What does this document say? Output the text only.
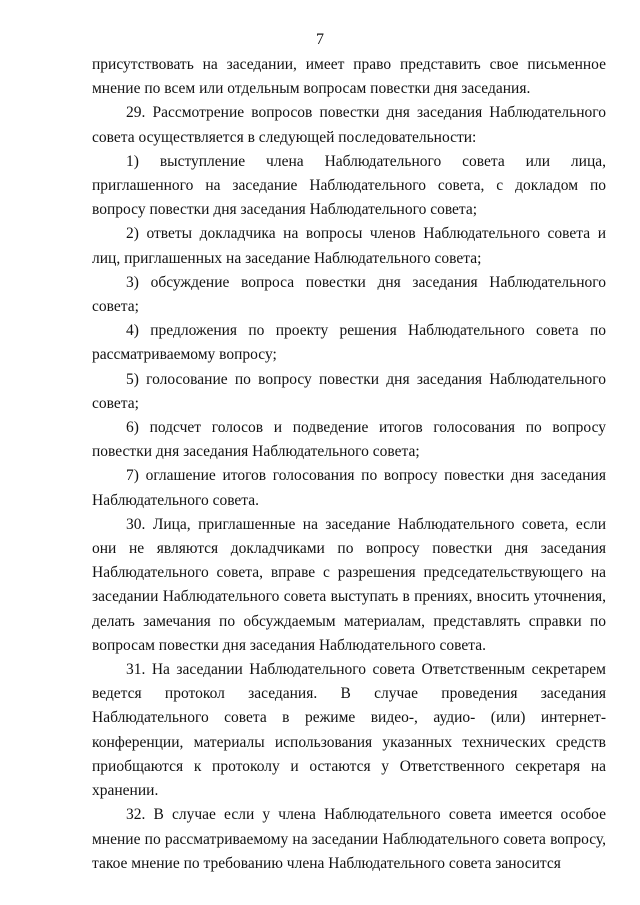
7

присутствовать на заседании, имеет право представить свое письменное мнение по всем или отдельным вопросам повестки дня заседания.

29. Рассмотрение вопросов повестки дня заседания Наблюдательного совета осуществляется в следующей последовательности:

1) выступление члена Наблюдательного совета или лица, приглашенного на заседание Наблюдательного совета, с докладом по вопросу повестки дня заседания Наблюдательного совета;

2) ответы докладчика на вопросы членов Наблюдательного совета и лиц, приглашенных на заседание Наблюдательного совета;

3) обсуждение вопроса повестки дня заседания Наблюдательного совета;

4) предложения по проекту решения Наблюдательного совета по рассматриваемому вопросу;

5) голосование по вопросу повестки дня заседания Наблюдательного совета;

6) подсчет голосов и подведение итогов голосования по вопросу повестки дня заседания Наблюдательного совета;

7) оглашение итогов голосования по вопросу повестки дня заседания Наблюдательного совета.

30. Лица, приглашенные на заседание Наблюдательного совета, если они не являются докладчиками по вопросу повестки дня заседания Наблюдательного совета, вправе с разрешения председательствующего на заседании Наблюдательного совета выступать в прениях, вносить уточнения, делать замечания по обсуждаемым материалам, представлять справки по вопросам повестки дня заседания Наблюдательного совета.

31. На заседании Наблюдательного совета Ответственным секретарем ведется протокол заседания. В случае проведения заседания Наблюдательного совета в режиме видео-, аудио- (или) интернет-конференции, материалы использования указанных технических средств приобщаются к протоколу и остаются у Ответственного секретаря на хранении.

32. В случае если у члена Наблюдательного совета имеется особое мнение по рассматриваемому на заседании Наблюдательного совета вопросу, такое мнение по требованию члена Наблюдательного совета заносится
